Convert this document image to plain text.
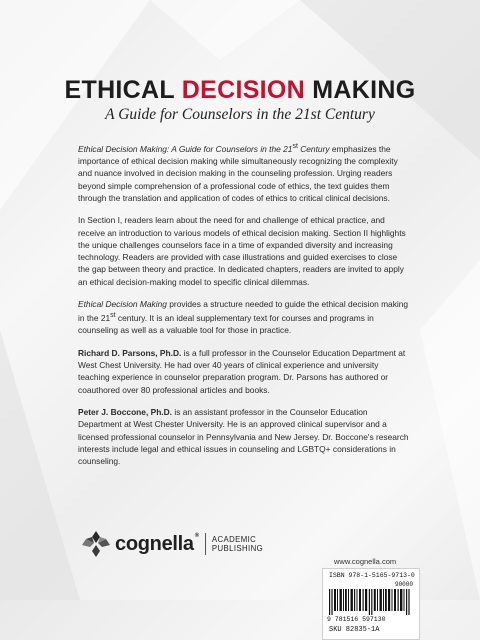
ETHICAL DECISION MAKING
A Guide for Counselors in the 21st Century

Ethical Decision Making: A Guide for Counselors in the 21st Century emphasizes the importance of ethical decision making while simultaneously recognizing the complexity and nuance involved in decision making in the counseling profession. Urging readers beyond simple comprehension of a professional code of ethics, the text guides them through the translation and application of codes of ethics to critical clinical decisions.

In Section I, readers learn about the need for and challenge of ethical practice, and receive an introduction to various models of ethical decision making. Section II highlights the unique challenges counselors face in a time of expanded diversity and increasing technology. Readers are provided with case illustrations and guided exercises to close the gap between theory and practice. In dedicated chapters, readers are invited to apply an ethical decision-making model to specific clinical dilemmas.

Ethical Decision Making provides a structure needed to guide the ethical decision making in the 21st century. It is an ideal supplementary text for courses and programs in counseling as well as a valuable tool for those in practice.

Richard D. Parsons, Ph.D. is a full professor in the Counselor Education Department at West Chest University. He had over 40 years of clinical experience and university teaching experience in counselor preparation program. Dr. Parsons has authored or coauthored over 80 professional articles and books.

Peter J. Boccone, Ph.D. is an assistant professor in the Counselor Education Department at West Chester University. He is an approved clinical supervisor and a licensed professional counselor in Pennsylvania and New Jersey. Dr. Boccone's research interests include legal and ethical issues in counseling and LGBTQ+ considerations in counseling.

www.cognella.com
cognella® ACADEMIC
PUBLISHING
ISBN 978-1-5165-9713-0
90000
9 781516 597130
SKU 82835-1A
